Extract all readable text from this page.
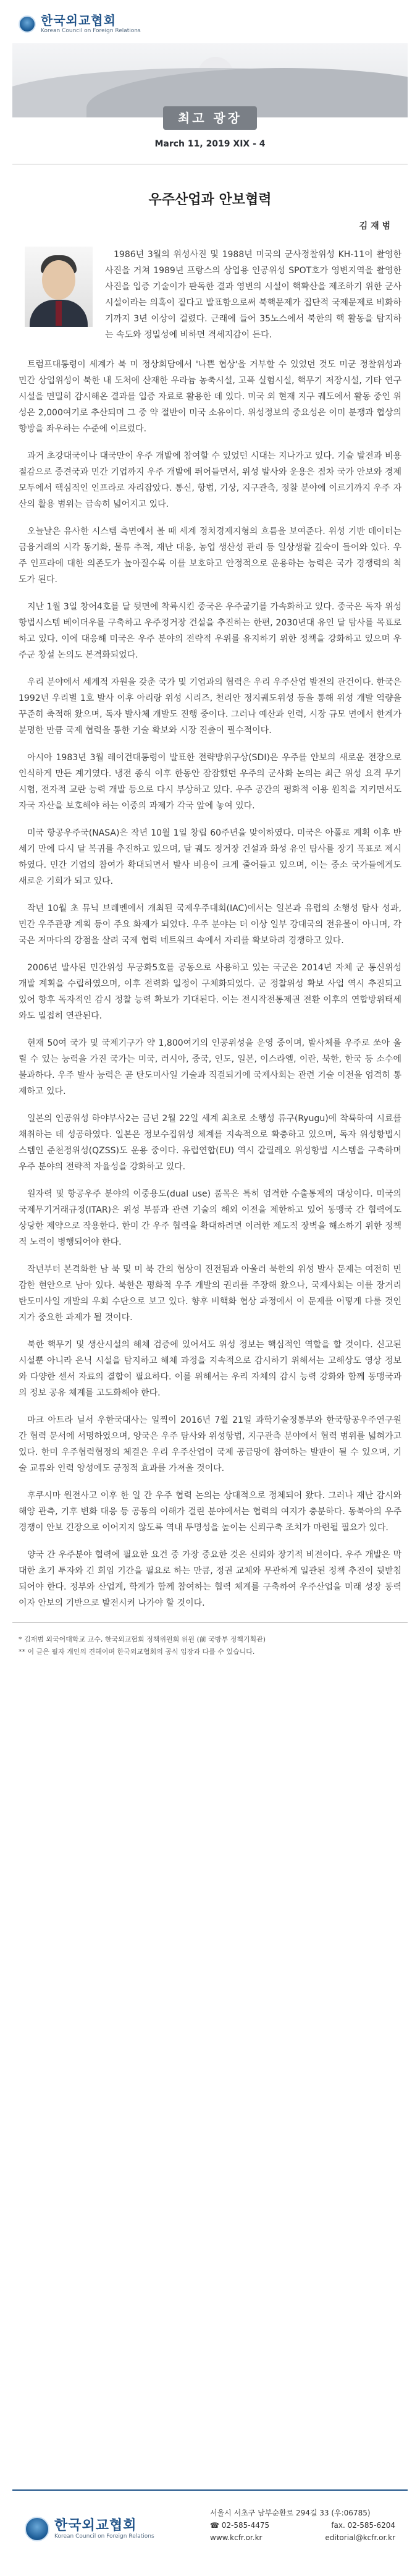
한국외교협회
Korean Council on Foreign Relations
최고 광장
March 11, 2019 XIX - 4
우주산업과 안보협력
김 재 범

1986년 3월의 위성사진 및 1988년 미국의 군사정찰위성 KH-11이 촬영한 사진을 거쳐 1989년 프랑스의 상업용 인공위성 SPOT호가 영변지역을 촬영한 사진을 입증 기술이가 판독한 결과 영변의 시설이 핵확산을 제조하기 위한 군사시설이라는 의혹이 짙다고 발표함으로써 북핵문제가 집단적 국제문제로 비화하기까지 3년 이상이 걸렸다. 근래에 들어 35노스에서 북한의 핵 활동을 탐지하는 속도와 정밀성에 비하면 격세지감이 든다.

트럼프대통령이 세계가 북 미 정상회담에서 '나쁜 협상'을 거부할 수 있었던 것도 미군 정찰위성과 민간 상업위성이 북한 내 도처에 산재한 우라늄 농축시설, 고폭 실험시설, 핵무기 저장시설, 기타 연구시설을 면밀히 감시해온 결과를 입증 자료로 활용한 데 있다. 미국 외 현재 지구 궤도에서 활동 중인 위성은 2,000여기로 추산되며 그 중 약 절반이 미국 소유이다. 위성정보의 중요성은 이미 분쟁과 협상의 향방을 좌우하는 수준에 이르렀다.

과거 초강대국이나 대국만이 우주 개발에 참여할 수 있었던 시대는 지나가고 있다. 기술 발전과 비용 절감으로 중견국과 민간 기업까지 우주 개발에 뛰어들면서, 위성 발사와 운용은 점차 국가 안보와 경제 모두에서 핵심적인 인프라로 자리잡았다. 통신, 항법, 기상, 지구관측, 정찰 분야에 이르기까지 우주 자산의 활용 범위는 급속히 넓어지고 있다.

오늘날은 유사한 시스템 측면에서 볼 때 세계 정치경제지형의 흐름을 보여준다. 위성 기반 데이터는 금융거래의 시각 동기화, 물류 추적, 재난 대응, 농업 생산성 관리 등 일상생활 깊숙이 들어와 있다. 우주 인프라에 대한 의존도가 높아질수록 이를 보호하고 안정적으로 운용하는 능력은 국가 경쟁력의 척도가 된다.

지난 1월 3일 창어4호를 달 뒷면에 착륙시킨 중국은 우주굴기를 가속화하고 있다. 중국은 독자 위성항법시스템 베이더우를 구축하고 우주정거장 건설을 추진하는 한편, 2030년대 유인 달 탐사를 목표로 하고 있다. 이에 대응해 미국은 우주 분야의 전략적 우위를 유지하기 위한 정책을 강화하고 있으며 우주군 창설 논의도 본격화되었다.

우리 분야에서 세계적 자원을 갖춘 국가 및 기업과의 협력은 우리 우주산업 발전의 관건이다. 한국은 1992년 우리별 1호 발사 이후 아리랑 위성 시리즈, 천리안 정지궤도위성 등을 통해 위성 개발 역량을 꾸준히 축적해 왔으며, 독자 발사체 개발도 진행 중이다. 그러나 예산과 인력, 시장 규모 면에서 한계가 분명한 만큼 국제 협력을 통한 기술 확보와 시장 진출이 필수적이다.

아시아 1983년 3월 레이건대통령이 발표한 전략방위구상(SDI)은 우주를 안보의 새로운 전장으로 인식하게 만든 계기였다. 냉전 종식 이후 한동안 잠잠했던 우주의 군사화 논의는 최근 위성 요격 무기 시험, 전자적 교란 능력 개발 등으로 다시 부상하고 있다. 우주 공간의 평화적 이용 원칙을 지키면서도 자국 자산을 보호해야 하는 이중의 과제가 각국 앞에 놓여 있다.

미국 항공우주국(NASA)은 작년 10월 1일 창립 60주년을 맞이하였다. 미국은 아폴로 계획 이후 반세기 만에 다시 달 복귀를 추진하고 있으며, 달 궤도 정거장 건설과 화성 유인 탐사를 장기 목표로 제시하였다. 민간 기업의 참여가 확대되면서 발사 비용이 크게 줄어들고 있으며, 이는 중소 국가들에게도 새로운 기회가 되고 있다.

작년 10월 초 뮤닉 브레멘에서 개최된 국제우주대회(IAC)에서는 일본과 유럽의 소행성 탐사 성과, 민간 우주관광 계획 등이 주요 화제가 되었다. 우주 분야는 더 이상 일부 강대국의 전유물이 아니며, 각국은 저마다의 강점을 살려 국제 협력 네트워크 속에서 자리를 확보하려 경쟁하고 있다.

2006년 발사된 민간위성 무궁화5호를 공동으로 사용하고 있는 국군은 2014년 자체 군 통신위성 개발 계획을 수립하였으며, 이후 전력화 일정이 구체화되었다. 군 정찰위성 확보 사업 역시 추진되고 있어 향후 독자적인 감시 정찰 능력 확보가 기대된다. 이는 전시작전통제권 전환 이후의 연합방위태세와도 밀접히 연관된다.

현재 50여 국가 및 국제기구가 약 1,800여기의 인공위성을 운영 중이며, 발사체를 우주로 쏘아 올릴 수 있는 능력을 가진 국가는 미국, 러시아, 중국, 인도, 일본, 이스라엘, 이란, 북한, 한국 등 소수에 불과하다. 우주 발사 능력은 곧 탄도미사일 기술과 직결되기에 국제사회는 관련 기술 이전을 엄격히 통제하고 있다.

일본의 인공위성 하야부사2는 금년 2월 22일 세계 최초로 소행성 류구(Ryugu)에 착륙하여 시료를 채취하는 데 성공하였다. 일본은 정보수집위성 체계를 지속적으로 확충하고 있으며, 독자 위성항법시스템인 준천정위성(QZSS)도 운용 중이다. 유럽연합(EU) 역시 갈릴레오 위성항법 시스템을 구축하며 우주 분야의 전략적 자율성을 강화하고 있다.

원자력 및 항공우주 분야의 이중용도(dual use) 품목은 특히 엄격한 수출통제의 대상이다. 미국의 국제무기거래규정(ITAR)은 위성 부품과 관련 기술의 해외 이전을 제한하고 있어 동맹국 간 협력에도 상당한 제약으로 작용한다. 한미 간 우주 협력을 확대하려면 이러한 제도적 장벽을 해소하기 위한 정책적 노력이 병행되어야 한다.

작년부터 본격화한 남 북 및 미 북 간의 협상이 진전됨과 아울러 북한의 위성 발사 문제는 여전히 민감한 현안으로 남아 있다. 북한은 평화적 우주 개발의 권리를 주장해 왔으나, 국제사회는 이를 장거리 탄도미사일 개발의 우회 수단으로 보고 있다. 향후 비핵화 협상 과정에서 이 문제를 어떻게 다룰 것인지가 중요한 과제가 될 것이다.

북한 핵무기 및 생산시설의 해체 검증에 있어서도 위성 정보는 핵심적인 역할을 할 것이다. 신고된 시설뿐 아니라 은닉 시설을 탐지하고 해체 과정을 지속적으로 감시하기 위해서는 고해상도 영상 정보와 다양한 센서 자료의 결합이 필요하다. 이를 위해서는 우리 자체의 감시 능력 강화와 함께 동맹국과의 정보 공유 체계를 고도화해야 한다.

마크 아트라 닐서 우한국대사는 일찍이 2016년 7월 21일 과학기술정통부와 한국항공우주연구원 간 협력 문서에 서명하였으며, 양국은 우주 탐사와 위성항법, 지구관측 분야에서 협력 범위를 넓혀가고 있다. 한미 우주협력협정의 체결은 우리 우주산업이 국제 공급망에 참여하는 발판이 될 수 있으며, 기술 교류와 인력 양성에도 긍정적 효과를 가져올 것이다.

후쿠시마 원전사고 이후 한 일 간 우주 협력 논의는 상대적으로 정체되어 왔다. 그러나 재난 감시와 해양 관측, 기후 변화 대응 등 공동의 이해가 걸린 분야에서는 협력의 여지가 충분하다. 동북아의 우주 경쟁이 안보 긴장으로 이어지지 않도록 역내 투명성을 높이는 신뢰구축 조치가 마련될 필요가 있다.

양국 간 우주분야 협력에 필요한 요건 중 가장 중요한 것은 신뢰와 장기적 비전이다. 우주 개발은 막대한 초기 투자와 긴 회임 기간을 필요로 하는 만큼, 정권 교체와 무관하게 일관된 정책 추진이 뒷받침되어야 한다. 정부와 산업계, 학계가 함께 참여하는 협력 체계를 구축하여 우주산업을 미래 성장 동력이자 안보의 기반으로 발전시켜 나가야 할 것이다.

* 김재범 외국어대학교 교수, 한국외교협회 정책위원회 위원 (前 국방부 정책기획관)

** 이 글은 필자 개인의 견해이며 한국외교협회의 공식 입장과 다를 수 있습니다.

한국외교협회
Korean Council on Foreign Relations
서울시 서초구 남부순환로 294길 33 (우:06785)
☎ 02-585-4475	fax. 02-585-6204
www.kcfr.or.kr	editorial@kcfr.or.kr
